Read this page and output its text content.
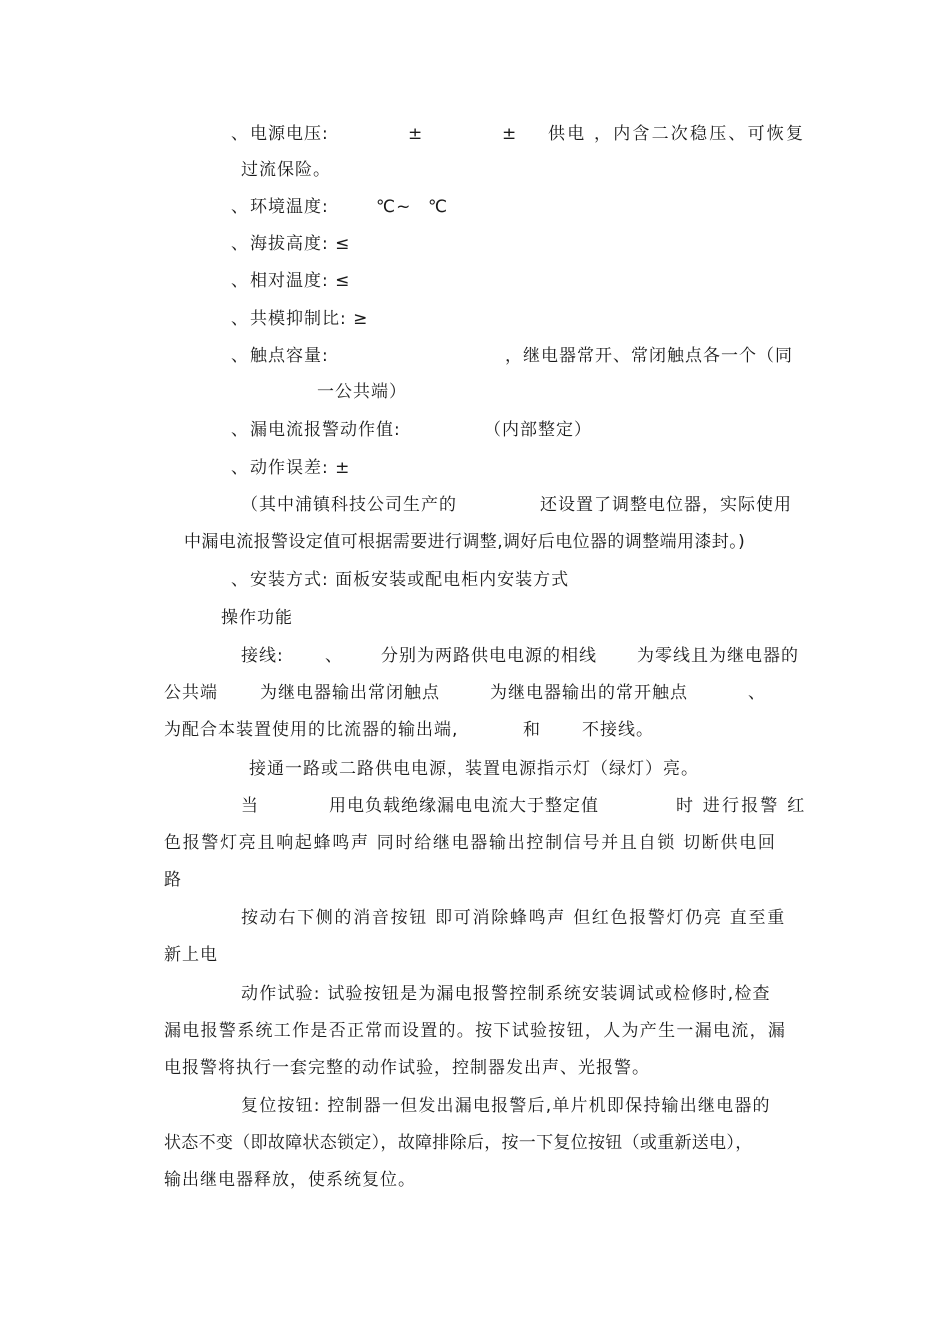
、 电源电压:	±	± 供电 ，内含二次稳压、可恢复
过流保险。
、 环境温度:	℃~ ℃
、 海拔高度: ≤
、 相对温度: ≤
、 共模抑制比: ≥
、 触点容量:	，继电器常开、常闭触点各一个（同
一公共端）
、 漏电流报警动作值:	（内部整定）
、 动作误差: ±
（其中浦镇科技公司生产的	还设置了调整电位器，实际使用
中漏电流报警设定值可根据需要进行调整,调好后电位器的调整端用漆封。)
、 安装方式: 面板安装或配电柜内安装方式
操作功能
接线: 、 分别为两路供电电源的相线 为零线且为继电器的
公共端 为继电器输出常闭触点	为继电器输出的常开触点	、
为配合本装置使用的比流器的输出端,	和 不接线。
接通一路或二路供电电源，装置电源指示灯（绿灯）亮。
当	用电负载绝缘漏电电流大于整定值	时 进行报警 红
色报警灯亮且响起蜂鸣声 同时给继电器输出控制信号并且自锁 切断供电回
路
按动右下侧的消音按钮 即可消除蜂鸣声 但红色报警灯仍亮 直至重
新上电
动作试验: 试验按钮是为漏电报警控制系统安装调试或检修时,检查
漏电报警系统工作是否正常而设置的。按下试验按钮，人为产生一漏电流，漏
电报警将执行一套完整的动作试验，控制器发出声、光报警。
复位按钮: 控制器一但发出漏电报警后,单片机即保持输出继电器的
状态不变（即故障状态锁定），故障排除后，按一下复位按钮（或重新送电），
输出继电器释放，使系统复位。
